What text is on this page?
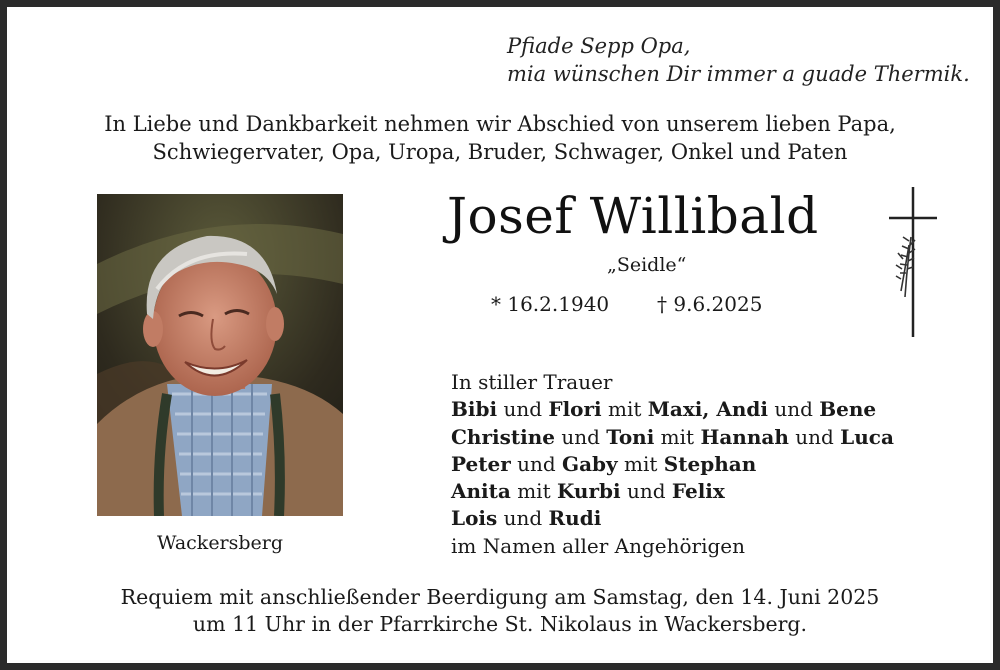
Pfiade Sepp Opa,
mia wünschen Dir immer a guade Thermik.
In Liebe und Dankbarkeit nehmen wir Abschied von unserem lieben Papa,
Schwiegervater, Opa, Uropa, Bruder, Schwager, Onkel und Paten
Wackersberg
Josef Willibald
„Seidle“
* 16.2.1940 † 9.6.2025
In stiller Trauer
Bibi und Flori mit Maxi, Andi und Bene
Christine und Toni mit Hannah und Luca
Peter und Gaby mit Stephan
Anita mit Kurbi und Felix
Lois und Rudi
im Namen aller Angehörigen
Requiem mit anschließender Beerdigung am Samstag, den 14. Juni 2025
um 11 Uhr in der Pfarrkirche St. Nikolaus in Wackersberg.
